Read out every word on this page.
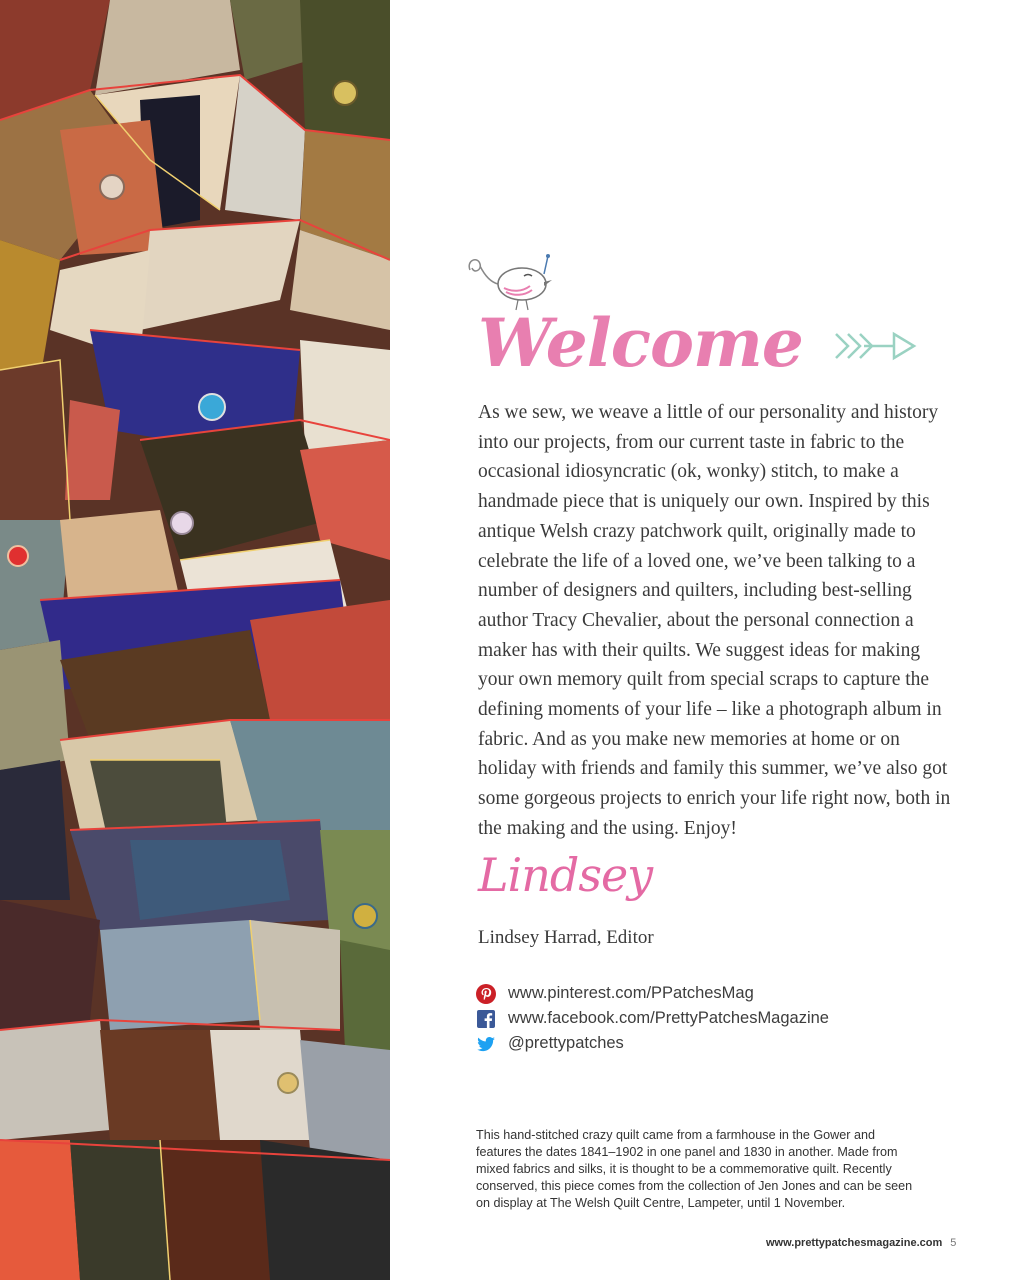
Welcome

As we sew, we weave a little of our personality and history into our projects, from our current taste in fabric to the occasional idiosyncratic (ok, wonky) stitch, to make a handmade piece that is uniquely our own. Inspired by this antique Welsh crazy patchwork quilt, originally made to celebrate the life of a loved one, we’ve been talking to a number of designers and quilters, including best-selling author Tracy Chevalier, about the personal connection a maker has with their quilts. We suggest ideas for making your own memory quilt from special scraps to capture the defining moments of your life – like a photograph album in fabric. And as you make new memories at home or on holiday with friends and family this summer, we’ve also got some gorgeous projects to enrich your life right now, both in the making and the using. Enjoy!

Lindsey
Lindsey Harrad, Editor
www.pinterest.com/PPatchesMag
www.facebook.com/PrettyPatchesMagazine
@prettypatches

This hand-stitched crazy quilt came from a farmhouse in the Gower and features the dates 1841–1902 in one panel and 1830 in another. Made from mixed fabrics and silks, it is thought to be a commemorative quilt. Recently conserved, this piece comes from the collection of Jen Jones and can be seen on display at The Welsh Quilt Centre, Lampeter, until 1 November.

www.prettypatchesmagazine.com 5
